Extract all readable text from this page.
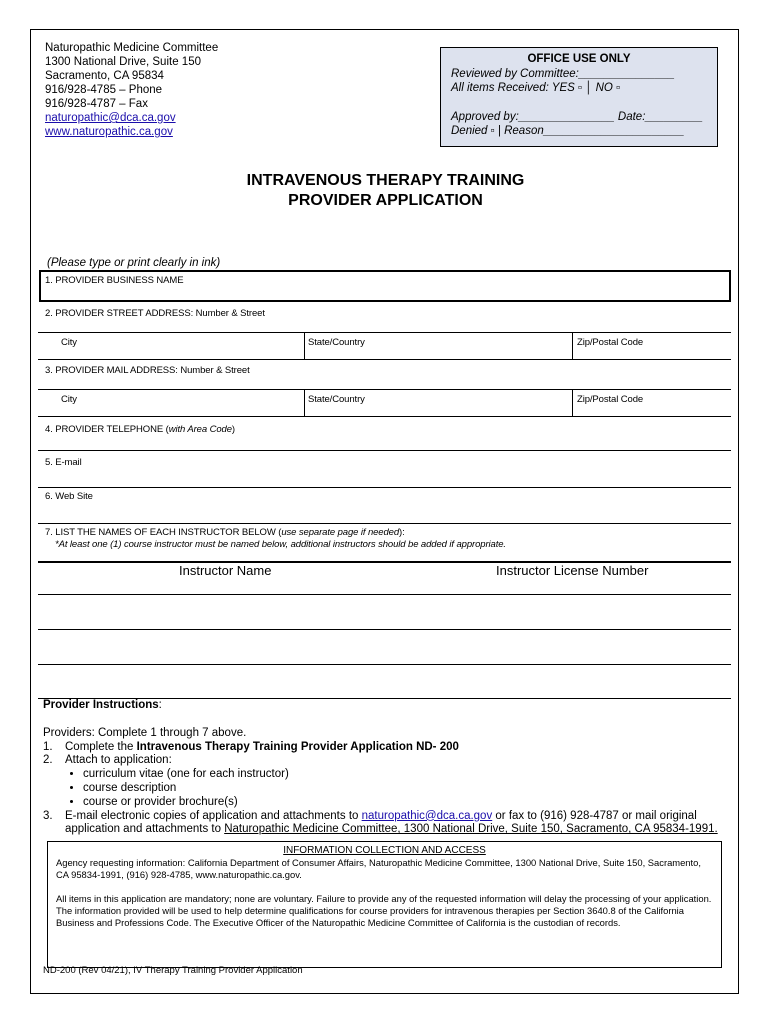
Naturopathic Medicine Committee
1300 National Drive, Suite 150
Sacramento, CA 95834
916/928-4785 – Phone
916/928-4787 – Fax
naturopathic@dca.ca.gov
www.naturopathic.ca.gov
OFFICE USE ONLY
Reviewed by Committee:_______________
All items Received: YES ▫ │ NO ▫
Approved by:_______________ Date:_________
Denied ▫ | Reason______________________
INTRAVENOUS THERAPY TRAINING
PROVIDER APPLICATION
(Please type or print clearly in ink)
1. PROVIDER BUSINESS NAME
2. PROVIDER STREET ADDRESS: Number & Street
City	State/Country	Zip/Postal Code
3. PROVIDER MAIL ADDRESS: Number & Street
City	State/Country	Zip/Postal Code
4. PROVIDER TELEPHONE (with Area Code)
5. E-mail
6. Web Site
7. LIST THE NAMES OF EACH INSTRUCTOR BELOW (use separate page if needed):
*At least one (1) course instructor must be named below, additional instructors should be added if appropriate.
Instructor Name	Instructor License Number
Provider Instructions:
Providers: Complete 1 through 7 above.
1.	Complete the Intravenous Therapy Training Provider Application ND- 200
2.	Attach to application:
• curriculum vitae (one for each instructor)
• course description
• course or provider brochure(s)
3.	E-mail electronic copies of application and attachments to naturopathic@dca.ca.gov or fax to (916) 928-4787 or mail original
application and attachments to Naturopathic Medicine Committee, 1300 National Drive, Suite 150, Sacramento, CA 95834-1991.
INFORMATION COLLECTION AND ACCESS
Agency requesting information: California Department of Consumer Affairs, Naturopathic Medicine Committee, 1300 National Drive, Suite 150, Sacramento, CA 95834-1991, (916) 928-4785, www.naturopathic.ca.gov.
All items in this application are mandatory; none are voluntary. Failure to provide any of the requested information will delay the processing of your application. The information provided will be used to help determine qualifications for course providers for intravenous therapies per Section 3640.8 of the California Business and Professions Code. The Executive Officer of the Naturopathic Medicine Committee of California is the custodian of records.
ND-200 (Rev 04/21), IV Therapy Training Provider Application
